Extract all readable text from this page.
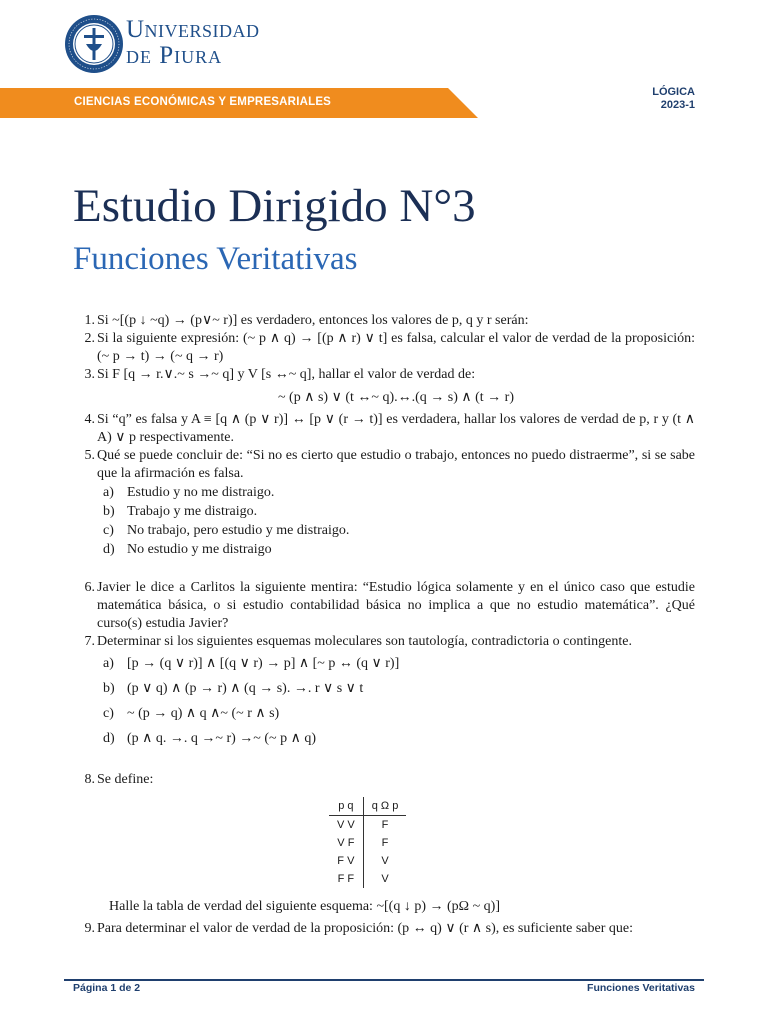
Universidad
de Piura
CIENCIAS ECONÓMICAS Y EMPRESARIALES
LÓGICA
2023-1
Estudio Dirigido N°3
Funciones Veritativas
1. Si ~[(p ↓ ~q) → (p∨~ r)] es verdadero, entonces los valores de p, q y r serán:
2. Si la siguiente expresión: (~ p ∧ q) → [(p ∧ r) ∨ t] es falsa, calcular el valor de verdad de la proposición: (~ p → t) → (~ q → r)
3. Si F [q → r.∨.~ s →~ q] y V [s ↔~ q], hallar el valor de verdad de:
~ (p ∧ s) ∨ (t ↔~ q).↔.(q → s) ∧ (t → r)
4. Si “q” es falsa y A ≡ [q ∧ (p ∨ r)] ↔ [p ∨ (r → t)] es verdadera, hallar los valores de verdad de p, r y (t ∧ A) ∨ p respectivamente.
5. Qué se puede concluir de: “Si no es cierto que estudio o trabajo, entonces no puedo distraerme”, si se sabe que la afirmación es falsa.
a) Estudio y no me distraigo.
b) Trabajo y me distraigo.
c) No trabajo, pero estudio y me distraigo.
d) No estudio y me distraigo
6. Javier le dice a Carlitos la siguiente mentira: “Estudio lógica solamente y en el único caso que estudie matemática básica, o si estudio contabilidad básica no implica a que no estudio matemática”. ¿Qué curso(s) estudia Javier?
7. Determinar si los siguientes esquemas moleculares son tautología, contradictoria o contingente.
a) [p → (q ∨ r)] ∧ [(q ∨ r) → p] ∧ [~ p ↔ (q ∨ r)]
b) (p ∨ q) ∧ (p → r) ∧ (q → s). →. r ∨ s ∨ t
c) ~ (p → q) ∧ q ∧~ (~ r ∧ s)
d) (p ∧ q. →. q →~ r) →~ (~ p ∧ q)
8. Se define:
p q	q Ω p
V V	F
V F	F
F V	V
F F	V
Halle la tabla de verdad del siguiente esquema: ~[(q ↓ p) → (pΩ ~ q)]
9. Para determinar el valor de verdad de la proposición: (p ↔ q) ∨ (r ∧ s), es suficiente saber que:
Página 1 de 2	Funciones Veritativas
